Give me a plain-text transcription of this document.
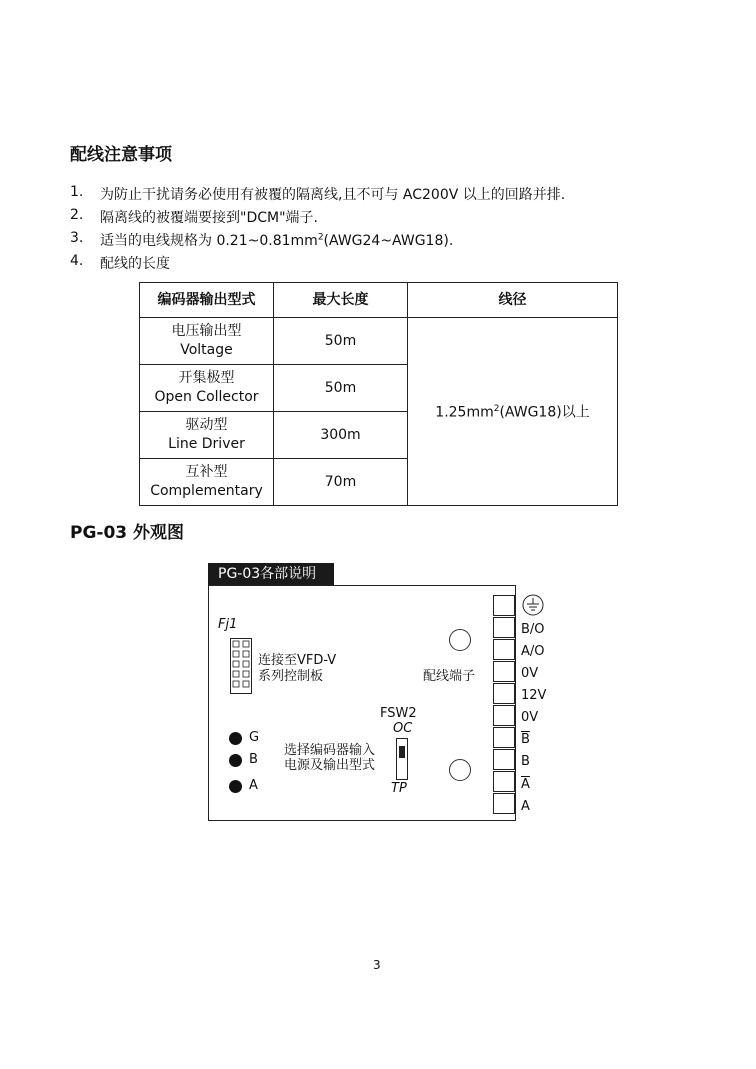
配线注意事项
1. 为防止干扰请务必使用有被覆的隔离线,且不可与 AC200V 以上的回路并排.
2. 隔离线的被覆端要接到"DCM"端子.
3. 适当的电线规格为 $0.21\sim 0.81mm^2(AWG24\sim AWG18)$.
4. 配线的长度
编码器输出型式	最大长度	线径

电压输出型
Voltage	50m	$1.25mm^2(AWG18)$以上

开集极型
Open Collector	50m	

驱动型
Line Driver	300m	

互补型
Complementary	70m	
PG-03 外观图
PG-03各部说明
Fj1
连接至VFD-V
系列控制板	配线端子
FSW2
OC
TP
选择编码器输入
电源及输出型式
G
B
A
B/O
A/O
0V
12V
0V
$\overline{B}$
B
$\overline{A}$
A
3
